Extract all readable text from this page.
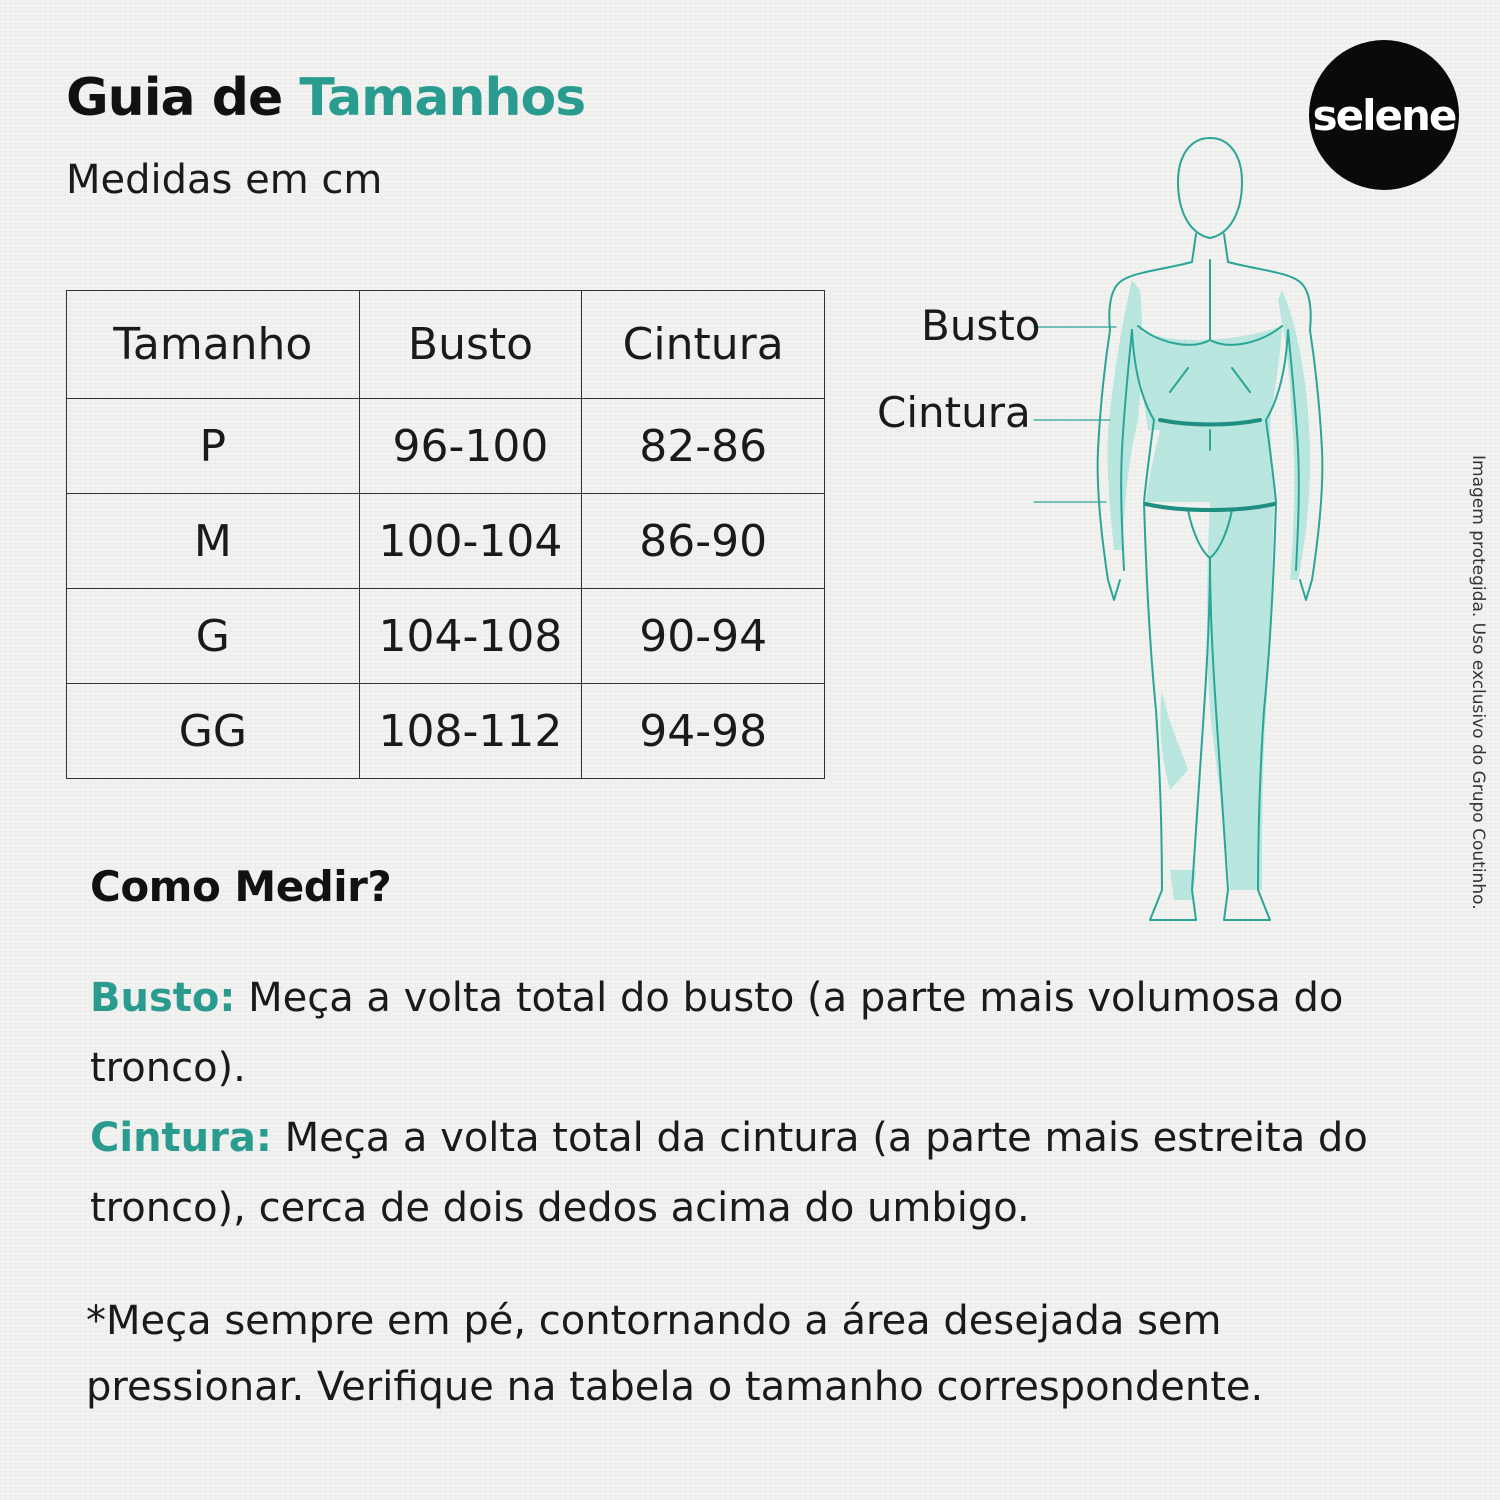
Guia de Tamanhos
Medidas em cm
selene
Tamanho	Busto	Cintura
P	96-100	82-86
M	100-104	86-90
G	104-108	90-94
GG	108-112	94-98
Busto
Cintura
Como Medir?

Busto: Meça a volta total do busto (a parte mais volumosa do tronco).
Cintura: Meça a volta total da cintura (a parte mais estreita do tronco), cerca de dois dedos acima do umbigo.

*Meça sempre em pé, contornando a área desejada sem pressionar. Verifique na tabela o tamanho correspondente.

Imagem protegida. Uso exclusivo do Grupo Coutinho.
